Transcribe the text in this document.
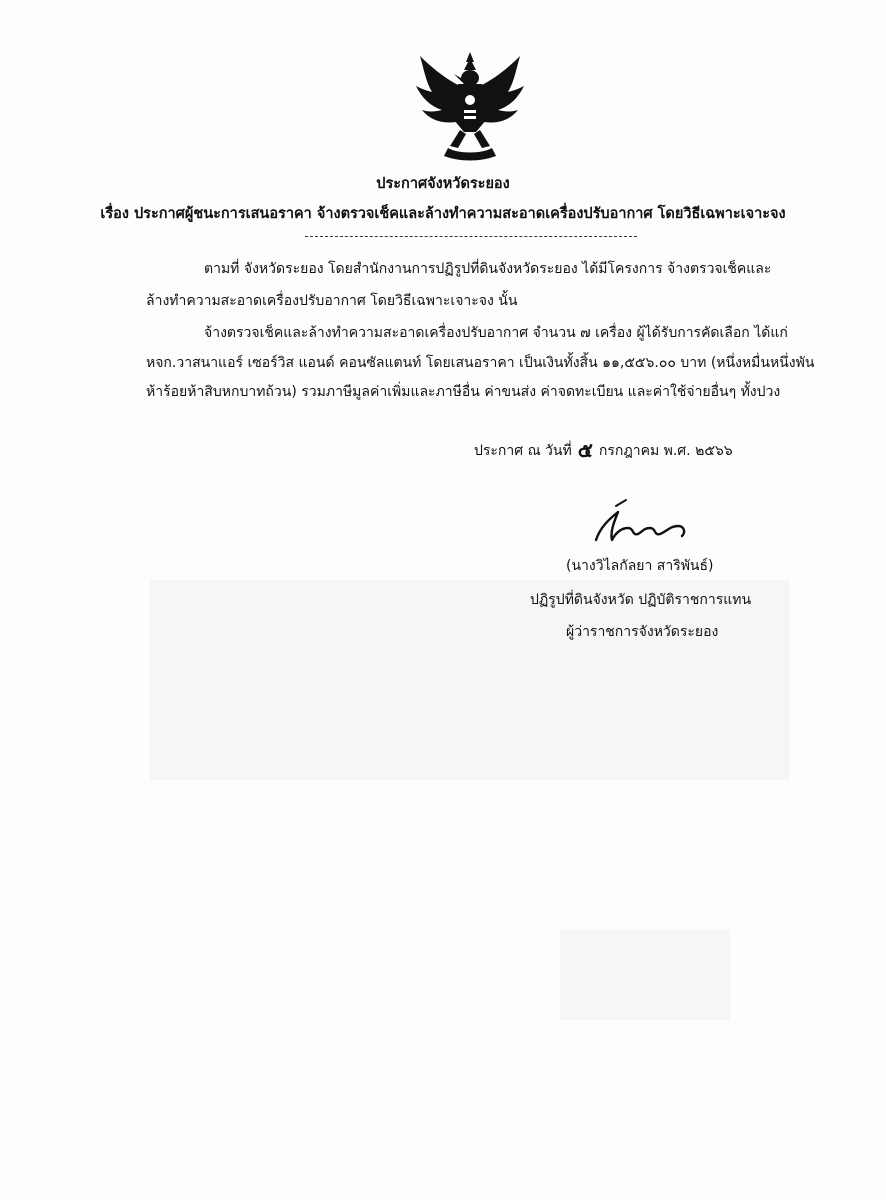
ประกาศจังหวัดระยอง
เรื่อง ประกาศผู้ชนะการเสนอราคา จ้างตรวจเช็คและล้างทำความสะอาดเครื่องปรับอากาศ โดยวิธีเฉพาะเจาะจง
ตามที่ จังหวัดระยอง โดยสำนักงานการปฏิรูปที่ดินจังหวัดระยอง ได้มีโครงการ จ้างตรวจเช็คและ
ล้างทำความสะอาดเครื่องปรับอากาศ โดยวิธีเฉพาะเจาะจง นั้น
จ้างตรวจเช็คและล้างทำความสะอาดเครื่องปรับอากาศ จำนวน ๗ เครื่อง ผู้ได้รับการคัดเลือก ได้แก่
หจก.วาสนาแอร์ เซอร์วิส แอนด์ คอนซัลแตนท์ โดยเสนอราคา เป็นเงินทั้งสิ้น ๑๑,๕๕๖.๐๐ บาท (หนึ่งหมื่นหนึ่งพัน
ห้าร้อยห้าสิบหกบาทถ้วน) รวมภาษีมูลค่าเพิ่มและภาษีอื่น ค่าขนส่ง ค่าจดทะเบียน และค่าใช้จ่ายอื่นๆ ทั้งปวง
ประกาศ ณ วันที่ ๕ กรกฎาคม พ.ศ. ๒๕๖๖
(นางวิไลกัลยา สาริพันธ์)
ปฏิรูปที่ดินจังหวัด ปฏิบัติราชการแทน
ผู้ว่าราชการจังหวัดระยอง
